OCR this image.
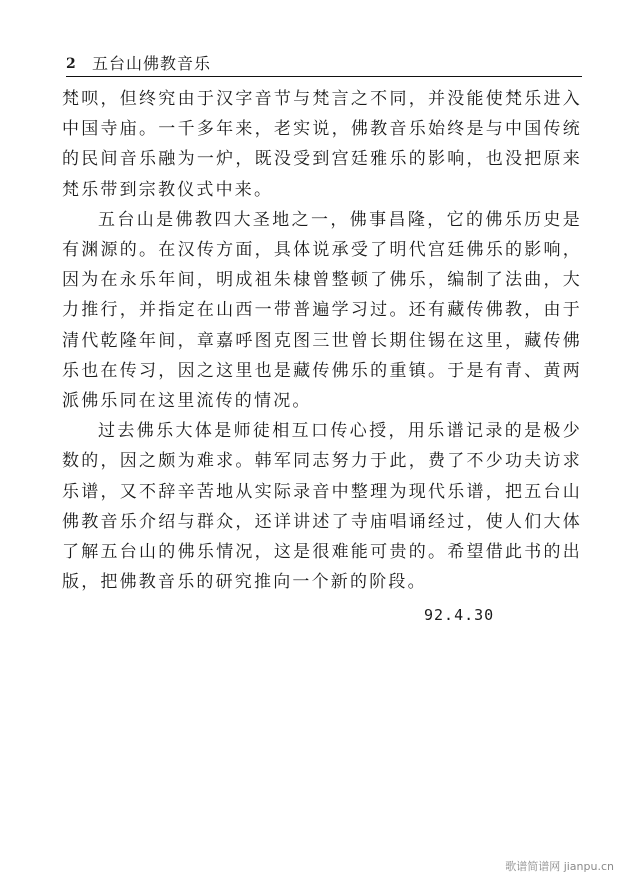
2 五台山佛教音乐

梵呗，但终究由于汉字音节与梵言之不同，并没能使梵乐进入中国寺庙。一千多年来，老实说，佛教音乐始终是与中国传统的民间音乐融为一炉，既没受到宫廷雅乐的影响，也没把原来梵乐带到宗教仪式中来。

五台山是佛教四大圣地之一，佛事昌隆，它的佛乐历史是有渊源的。在汉传方面，具体说承受了明代宫廷佛乐的影响，因为在永乐年间，明成祖朱棣曾整顿了佛乐，编制了法曲，大力推行，并指定在山西一带普遍学习过。还有藏传佛教，由于清代乾隆年间，章嘉呼图克图三世曾长期住锡在这里，藏传佛乐也在传习，因之这里也是藏传佛乐的重镇。于是有青、黄两派佛乐同在这里流传的情况。

过去佛乐大体是师徒相互口传心授，用乐谱记录的是极少数的，因之颇为难求。韩军同志努力于此，费了不少功夫访求乐谱，又不辞辛苦地从实际录音中整理为现代乐谱，把五台山佛教音乐介绍与群众，还详讲述了寺庙唱诵经过，使人们大体了解五台山的佛乐情况，这是很难能可贵的。希望借此书的出版，把佛教音乐的研究推向一个新的阶段。

92.4.30
歌谱简谱网 jianpu.cn
